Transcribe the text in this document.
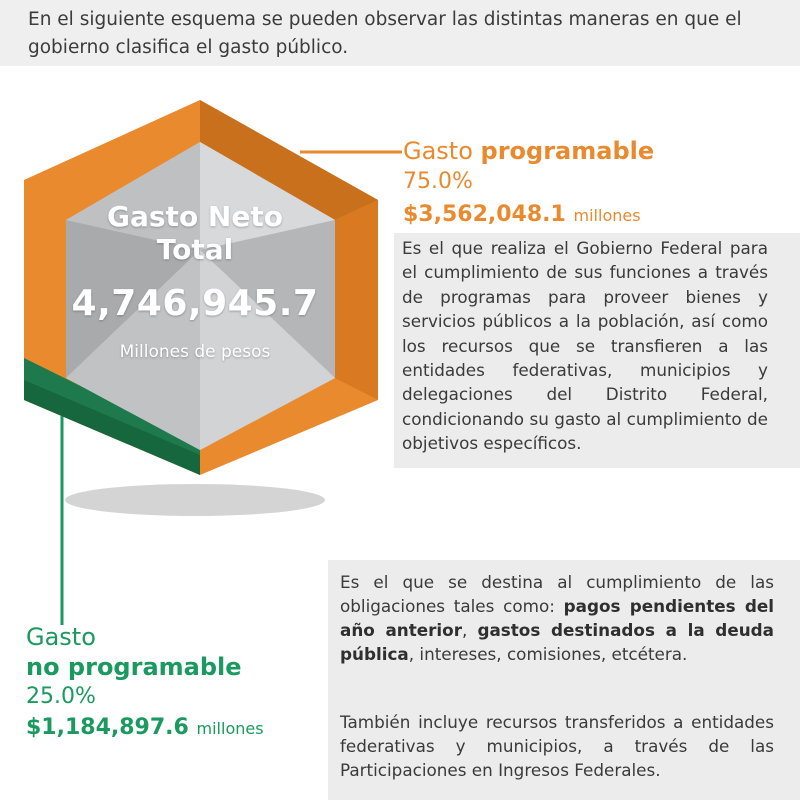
En el siguiente esquema se pueden observar las distintas maneras en que el gobierno clasifica el gasto público.

Gasto Neto
Total
4,746,945.7
Millones de pesos
Gasto programable
75.0%
$3,562,048.1 millones

Es el que realiza el Gobierno Federal para el cumplimiento de sus funciones a través de programas para proveer bienes y servicios públicos a la población, así como los recursos que se transfieren a las entidades federativas, municipios y delegaciones del Distrito Federal, condicionando su gasto al cumplimiento de objetivos específicos.

Es el que se destina al cumplimiento de las obligaciones tales como: pagos pendientes del año anterior, gastos destinados a la deuda pública, intereses, comisiones, etcétera.

También incluye recursos transferidos a entidades federativas y municipios, a través de las Participaciones en Ingresos Federales.

Gasto
no programable
25.0%
$1,184,897.6 millones
